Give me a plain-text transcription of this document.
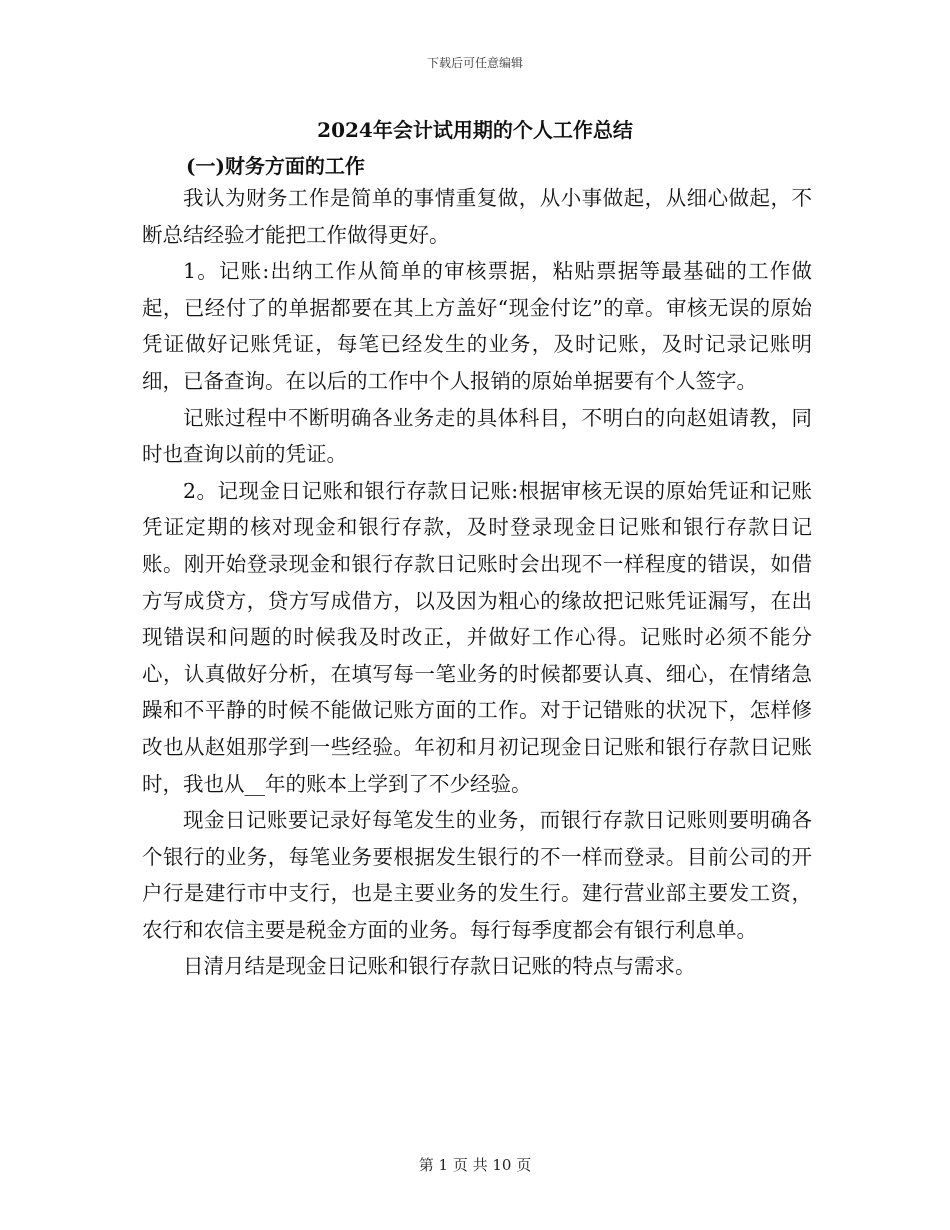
下载后可任意编辑
2024年会计试用期的个人工作总结
(一)财务方面的工作

我认为财务工作是简单的事情重复做，从小事做起，从细心做起，不断总结经验才能把工作做得更好。

1。记账:出纳工作从简单的审核票据，粘贴票据等最基础的工作做起，已经付了的单据都要在其上方盖好“现金付讫”的章。审核无误的原始凭证做好记账凭证，每笔已经发生的业务，及时记账，及时记录记账明细，已备查询。在以后的工作中个人报销的原始单据要有个人签字。

记账过程中不断明确各业务走的具体科目，不明白的向赵姐请教，同时也查询以前的凭证。

2。记现金日记账和银行存款日记账:根据审核无误的原始凭证和记账凭证定期的核对现金和银行存款，及时登录现金日记账和银行存款日记账。刚开始登录现金和银行存款日记账时会出现不一样程度的错误，如借方写成贷方，贷方写成借方，以及因为粗心的缘故把记账凭证漏写，在出现错误和问题的时候我及时改正，并做好工作心得。记账时必须不能分心，认真做好分析，在填写每一笔业务的时候都要认真、细心，在情绪急躁和不平静的时候不能做记账方面的工作。对于记错账的状况下，怎样修改也从赵姐那学到一些经验。年初和月初记现金日记账和银行存款日记账时，我也从__年的账本上学到了不少经验。

现金日记账要记录好每笔发生的业务，而银行存款日记账则要明确各个银行的业务，每笔业务要根据发生银行的不一样而登录。目前公司的开户行是建行市中支行，也是主要业务的发生行。建行营业部主要发工资，农行和农信主要是税金方面的业务。每行每季度都会有银行利息单。

日清月结是现金日记账和银行存款日记账的特点与需求。

第 1 页 共 10 页
